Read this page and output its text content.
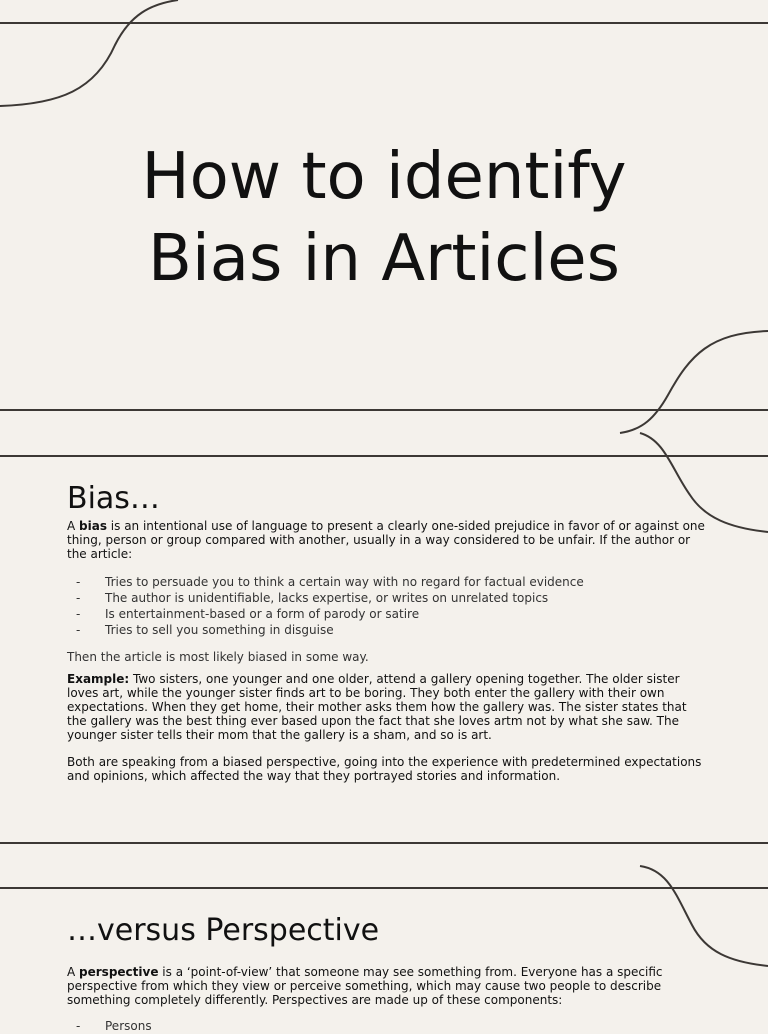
How to identify
Bias in Articles
Bias…

A bias is an intentional use of language to present a clearly one-sided prejudice in favor of or against one thing, person or group compared with another, usually in a way considered to be unfair. If the author or the article:

- Tries to persuade you to think a certain way with no regard for factual evidence
- The author is unidentifiable, lacks expertise, or writes on unrelated topics
- Is entertainment-based or a form of parody or satire
- Tries to sell you something in disguise

Then the article is most likely biased in some way.

Example: Two sisters, one younger and one older, attend a gallery opening together. The older sister loves art, while the younger sister finds art to be boring. They both enter the gallery with their own expectations. When they get home, their mother asks them how the gallery was. The sister states that the gallery was the best thing ever based upon the fact that she loves artm not by what she saw. The younger sister tells their mom that the gallery is a sham, and so is art.

Both are speaking from a biased perspective, going into the experience with predetermined expectations and opinions, which affected the way that they portrayed stories and information.

…versus Perspective

A perspective is a ‘point-of-view’ that someone may see something from. Everyone has a specific perspective from which they view or perceive something, which may cause two people to describe something completely differently. Perspectives are made up of these components:

- Persons
